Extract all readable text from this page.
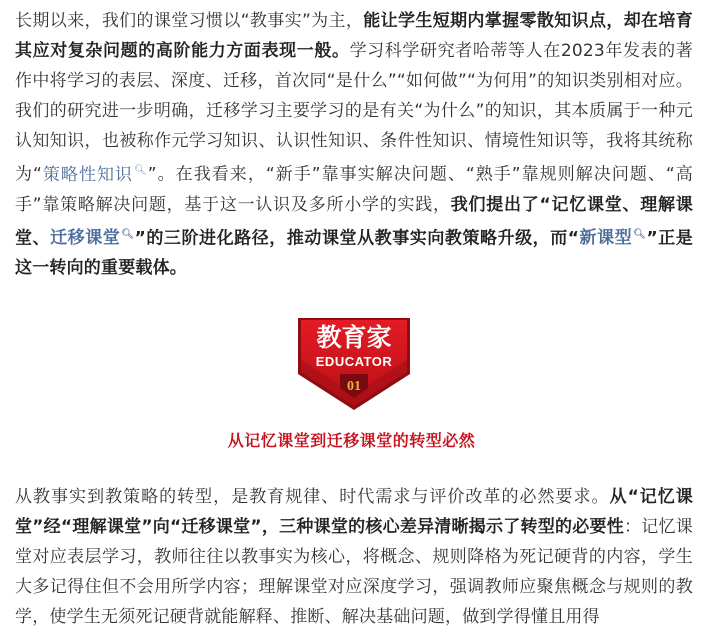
长期以来，我们的课堂习惯以“教事实”为主，能让学生短期内掌握零散知识点，却在培育其应对复杂问题的高阶能力方面表现一般。学习科学研究者哈蒂等人在2023年发表的著作中将学习的表层、深度、迁移，首次同“是什么”“如何做”“为何用”的知识类别相对应。我们的研究进一步明确，迁移学习主要学习的是有关“为什么”的知识，其本质属于一种元认知知识，也被称作元学习知识、认识性知识、条件性知识、情境性知识等，我将其统称为“策略性知识🔍︎”。在我看来，“新手”靠事实解决问题、“熟手”靠规则解决问题、“高手”靠策略解决问题，基于这一认识及多所小学的实践，我们提出了“记忆课堂、理解课堂、迁移课堂🔍︎”的三阶进化路径，推动课堂从教事实向教策略升级，而“新课型🔍︎”正是这一转向的重要载体。

教育家
EDUCATOR
01
从记忆课堂到迁移课堂的转型必然

从教事实到教策略的转型，是教育规律、时代需求与评价改革的必然要求。从“记忆课堂”经“理解课堂”向“迁移课堂”，三种课堂的核心差异清晰揭示了转型的必要性：记忆课堂对应表层学习，教师往往以教事实为核心，将概念、规则降格为死记硬背的内容，学生大多记得住但不会用所学内容；理解课堂对应深度学习，强调教师应聚焦概念与规则的教学，使学生无须死记硬背就能解释、推断、解决基础问题，做到学得懂且用得
